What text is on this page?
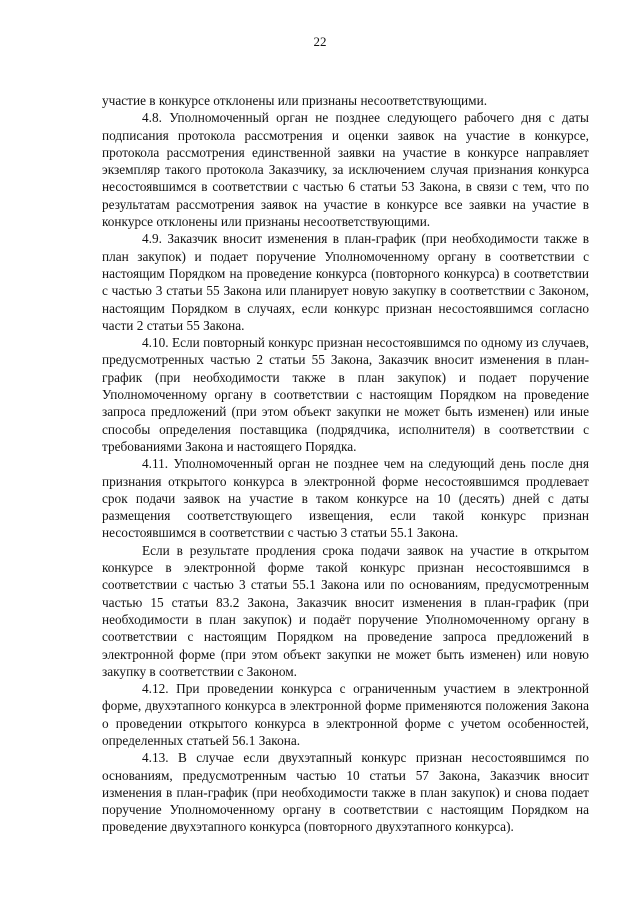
22

участие в конкурсе отклонены или признаны несоответствующими.

4.8. Уполномоченный орган не позднее следующего рабочего дня с даты подписания протокола рассмотрения и оценки заявок на участие в конкурсе, протокола рассмотрения единственной заявки на участие в конкурсе направляет экземпляр такого протокола Заказчику, за исключением случая признания конкурса несостоявшимся в соответствии с частью 6 статьи 53 Закона, в связи с тем, что по результатам рассмотрения заявок на участие в конкурсе все заявки на участие в конкурсе отклонены или признаны несоответствующими.

4.9. Заказчик вносит изменения в план-график (при необходимости также в план закупок) и подает поручение Уполномоченному органу в соответствии с настоящим Порядком на проведение конкурса (повторного конкурса) в соответствии с частью 3 статьи 55 Закона или планирует новую закупку в соответствии с Законом, настоящим Порядком в случаях, если конкурс признан несостоявшимся согласно части 2 статьи 55 Закона.

4.10. Если повторный конкурс признан несостоявшимся по одному из случаев, предусмотренных частью 2 статьи 55 Закона, Заказчик вносит изменения в план-график (при необходимости также в план закупок) и подает поручение Уполномоченному органу в соответствии с настоящим Порядком на проведение запроса предложений (при этом объект закупки не может быть изменен) или иные способы определения поставщика (подрядчика, исполнителя) в соответствии с требованиями Закона и настоящего Порядка.

4.11. Уполномоченный орган не позднее чем на следующий день после дня признания открытого конкурса в электронной форме несостоявшимся продлевает срок подачи заявок на участие в таком конкурсе на 10 (десять) дней с даты размещения соответствующего извещения, если такой конкурс признан несостоявшимся в соответствии с частью 3 статьи 55.1 Закона.

Если в результате продления срока подачи заявок на участие в открытом конкурсе в электронной форме такой конкурс признан несостоявшимся в соответствии с частью 3 статьи 55.1 Закона или по основаниям, предусмотренным частью 15 статьи 83.2 Закона, Заказчик вносит изменения в план-график (при необходимости в план закупок) и подаёт поручение Уполномоченному органу в соответствии с настоящим Порядком на проведение запроса предложений в электронной форме (при этом объект закупки не может быть изменен) или новую закупку в соответствии с Законом.

4.12. При проведении конкурса с ограниченным участием в электронной форме, двухэтапного конкурса в электронной форме применяются положения Закона о проведении открытого конкурса в электронной форме с учетом особенностей, определенных статьей 56.1 Закона.

4.13. В случае если двухэтапный конкурс признан несостоявшимся по основаниям, предусмотренным частью 10 статьи 57 Закона, Заказчик вносит изменения в план-график (при необходимости также в план закупок) и снова подает поручение Уполномоченному органу в соответствии с настоящим Порядком на проведение двухэтапного конкурса (повторного двухэтапного конкурса).
